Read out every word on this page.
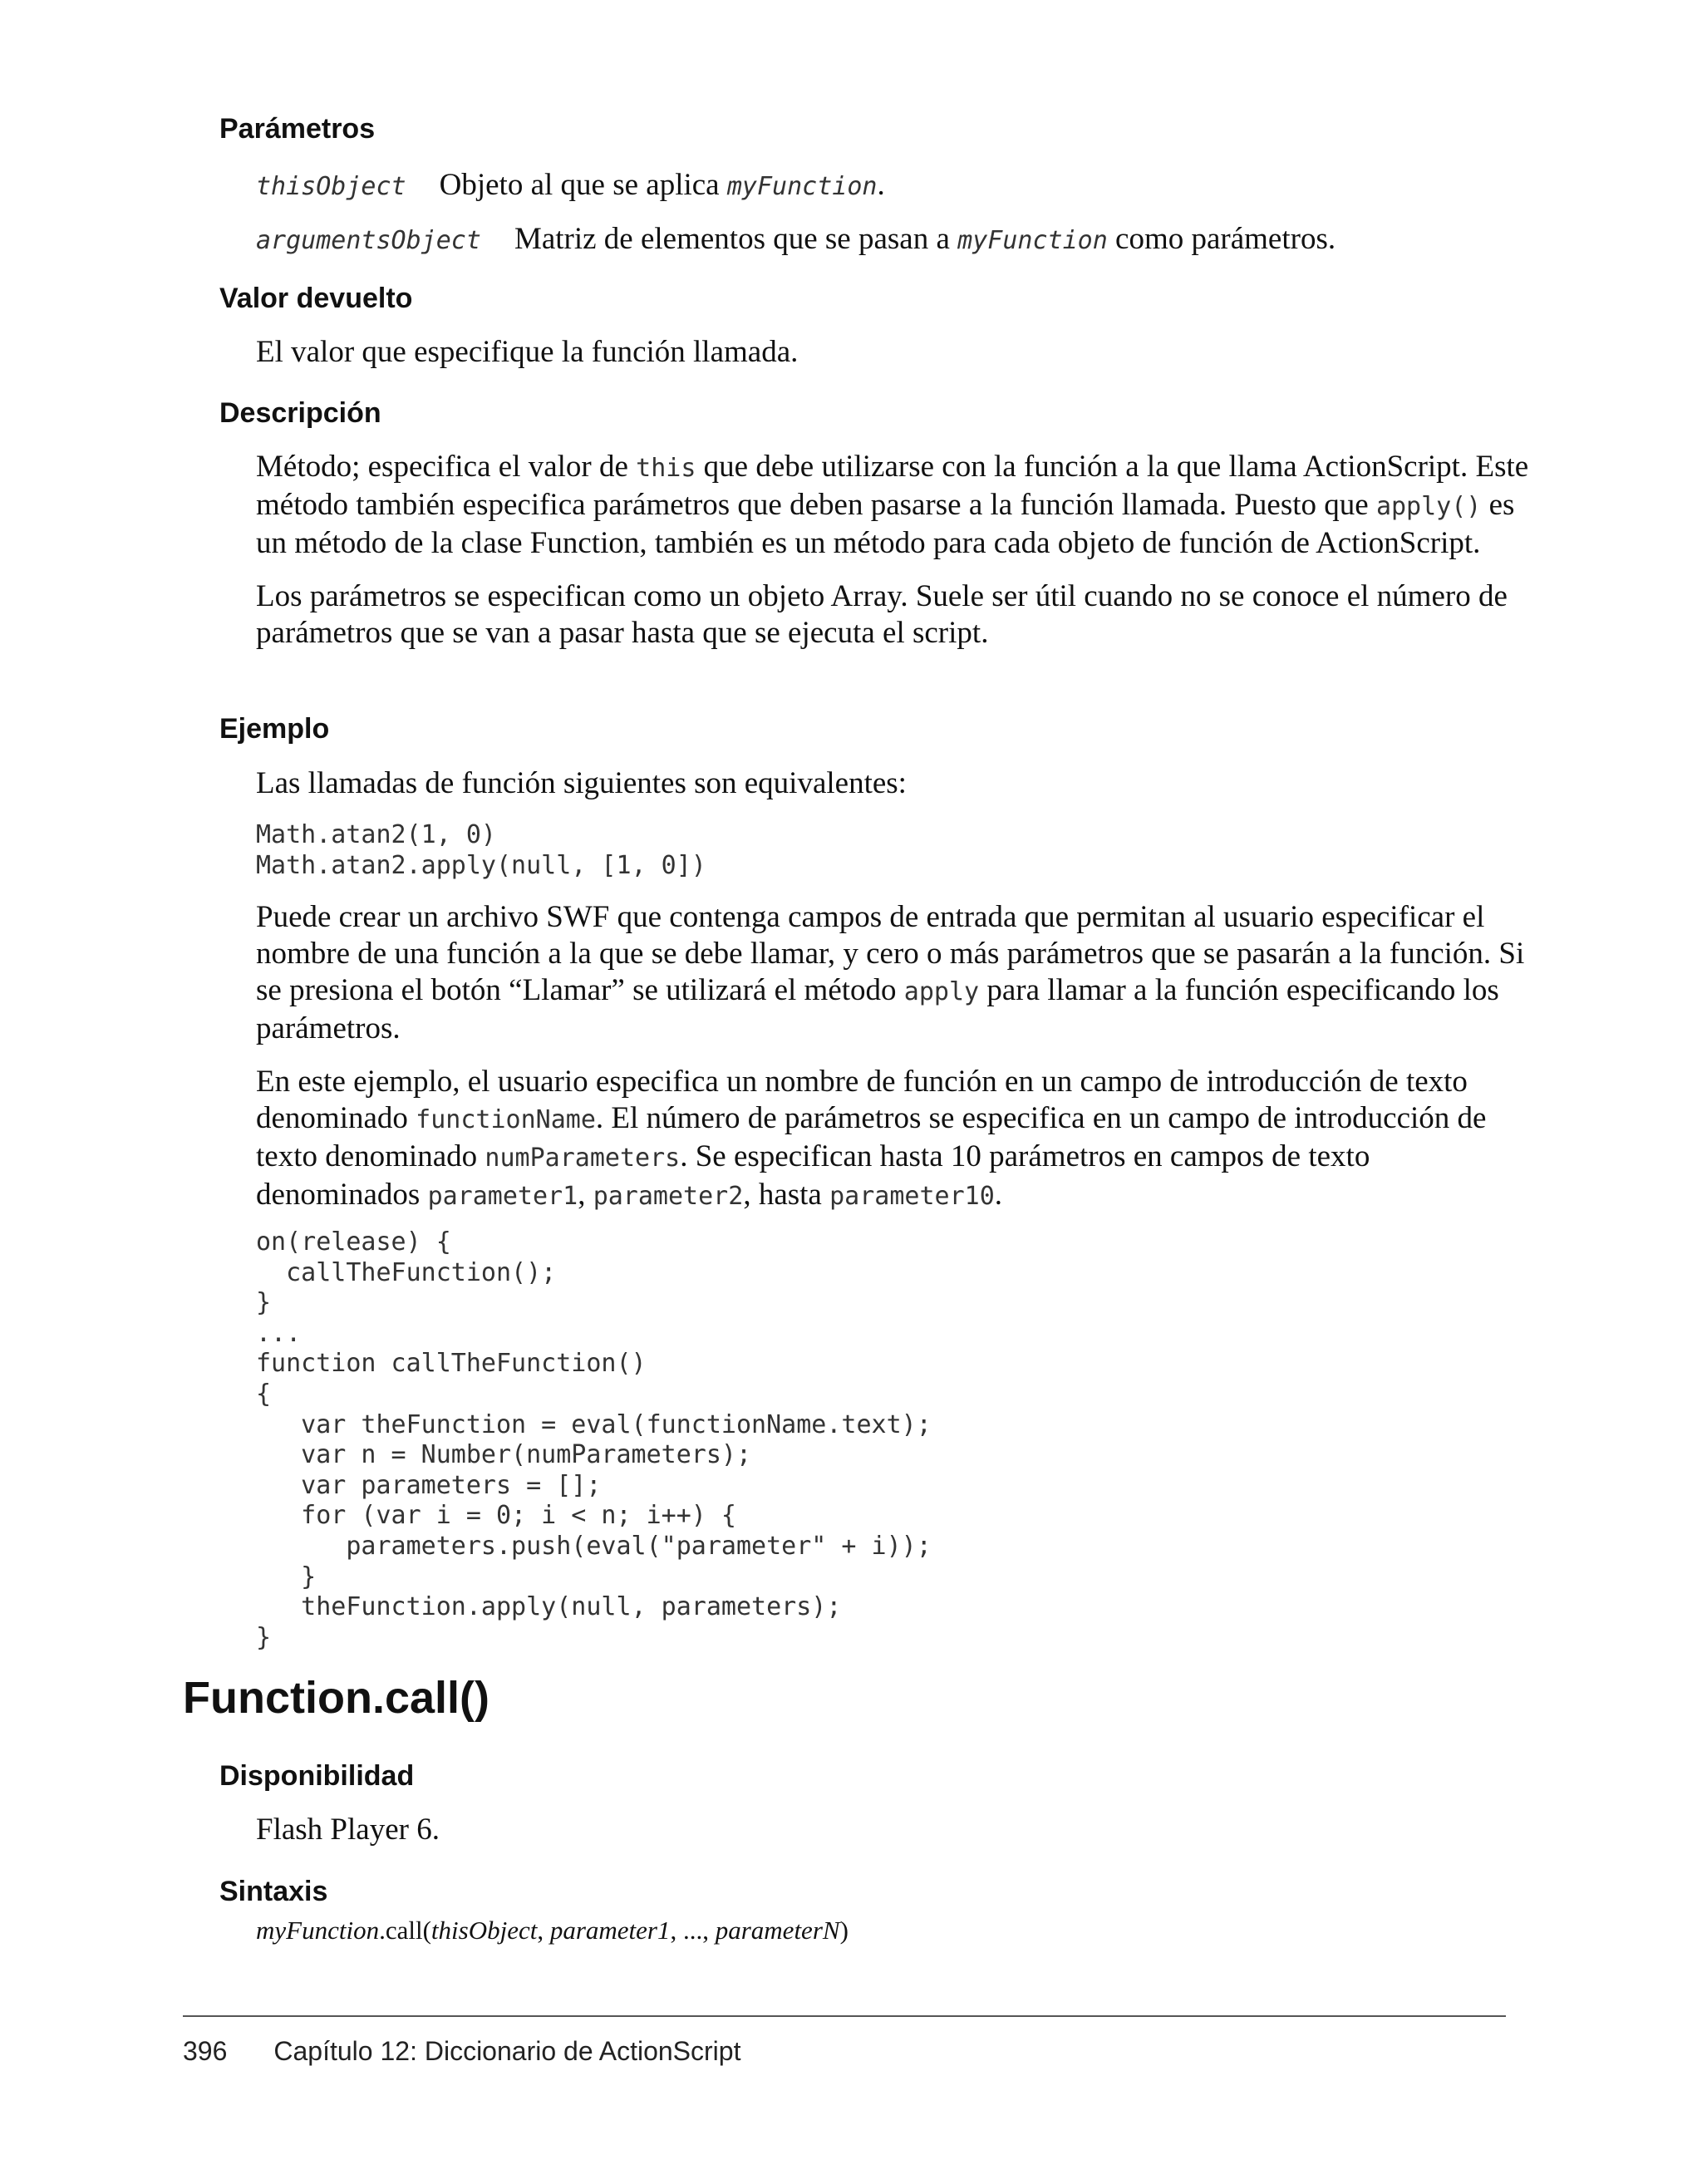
Parámetros
thisObject Objeto al que se aplica myFunction.
argumentsObject Matriz de elementos que se pasan a myFunction como parámetros.
Valor devuelto

El valor que especifique la función llamada.

Descripción

Método; especifica el valor de this que debe utilizarse con la función a la que llama ActionScript. Este método también especifica parámetros que deben pasarse a la función llamada. Puesto que apply() es un método de la clase Function, también es un método para cada objeto de función de ActionScript.

Los parámetros se especifican como un objeto Array. Suele ser útil cuando no se conoce el número de parámetros que se van a pasar hasta que se ejecuta el script.

Ejemplo

Las llamadas de función siguientes son equivalentes:

Math.atan2(1, 0)
Math.atan2.apply(null, [1, 0])

Puede crear un archivo SWF que contenga campos de entrada que permitan al usuario especificar el nombre de una función a la que se debe llamar, y cero o más parámetros que se pasarán a la función. Si se presiona el botón “Llamar” se utilizará el método apply para llamar a la función especificando los parámetros.

En este ejemplo, el usuario especifica un nombre de función en un campo de introducción de texto denominado functionName. El número de parámetros se especifica en un campo de introducción de texto denominado numParameters. Se especifican hasta 10 parámetros en campos de texto denominados parameter1, parameter2, hasta parameter10.

on(release) {
callTheFunction();
}
...
function callTheFunction()
{
var theFunction = eval(functionName.text);
var n = Number(numParameters);
var parameters = [];
for (var i = 0; i < n; i++) {
parameters.push(eval("parameter" + i));
}
theFunction.apply(null, parameters);
}
Function.call()
Disponibilidad

Flash Player 6.

Sintaxis
myFunction.call(thisObject, parameter1, ..., parameterN)
396 Capítulo 12: Diccionario de ActionScript
